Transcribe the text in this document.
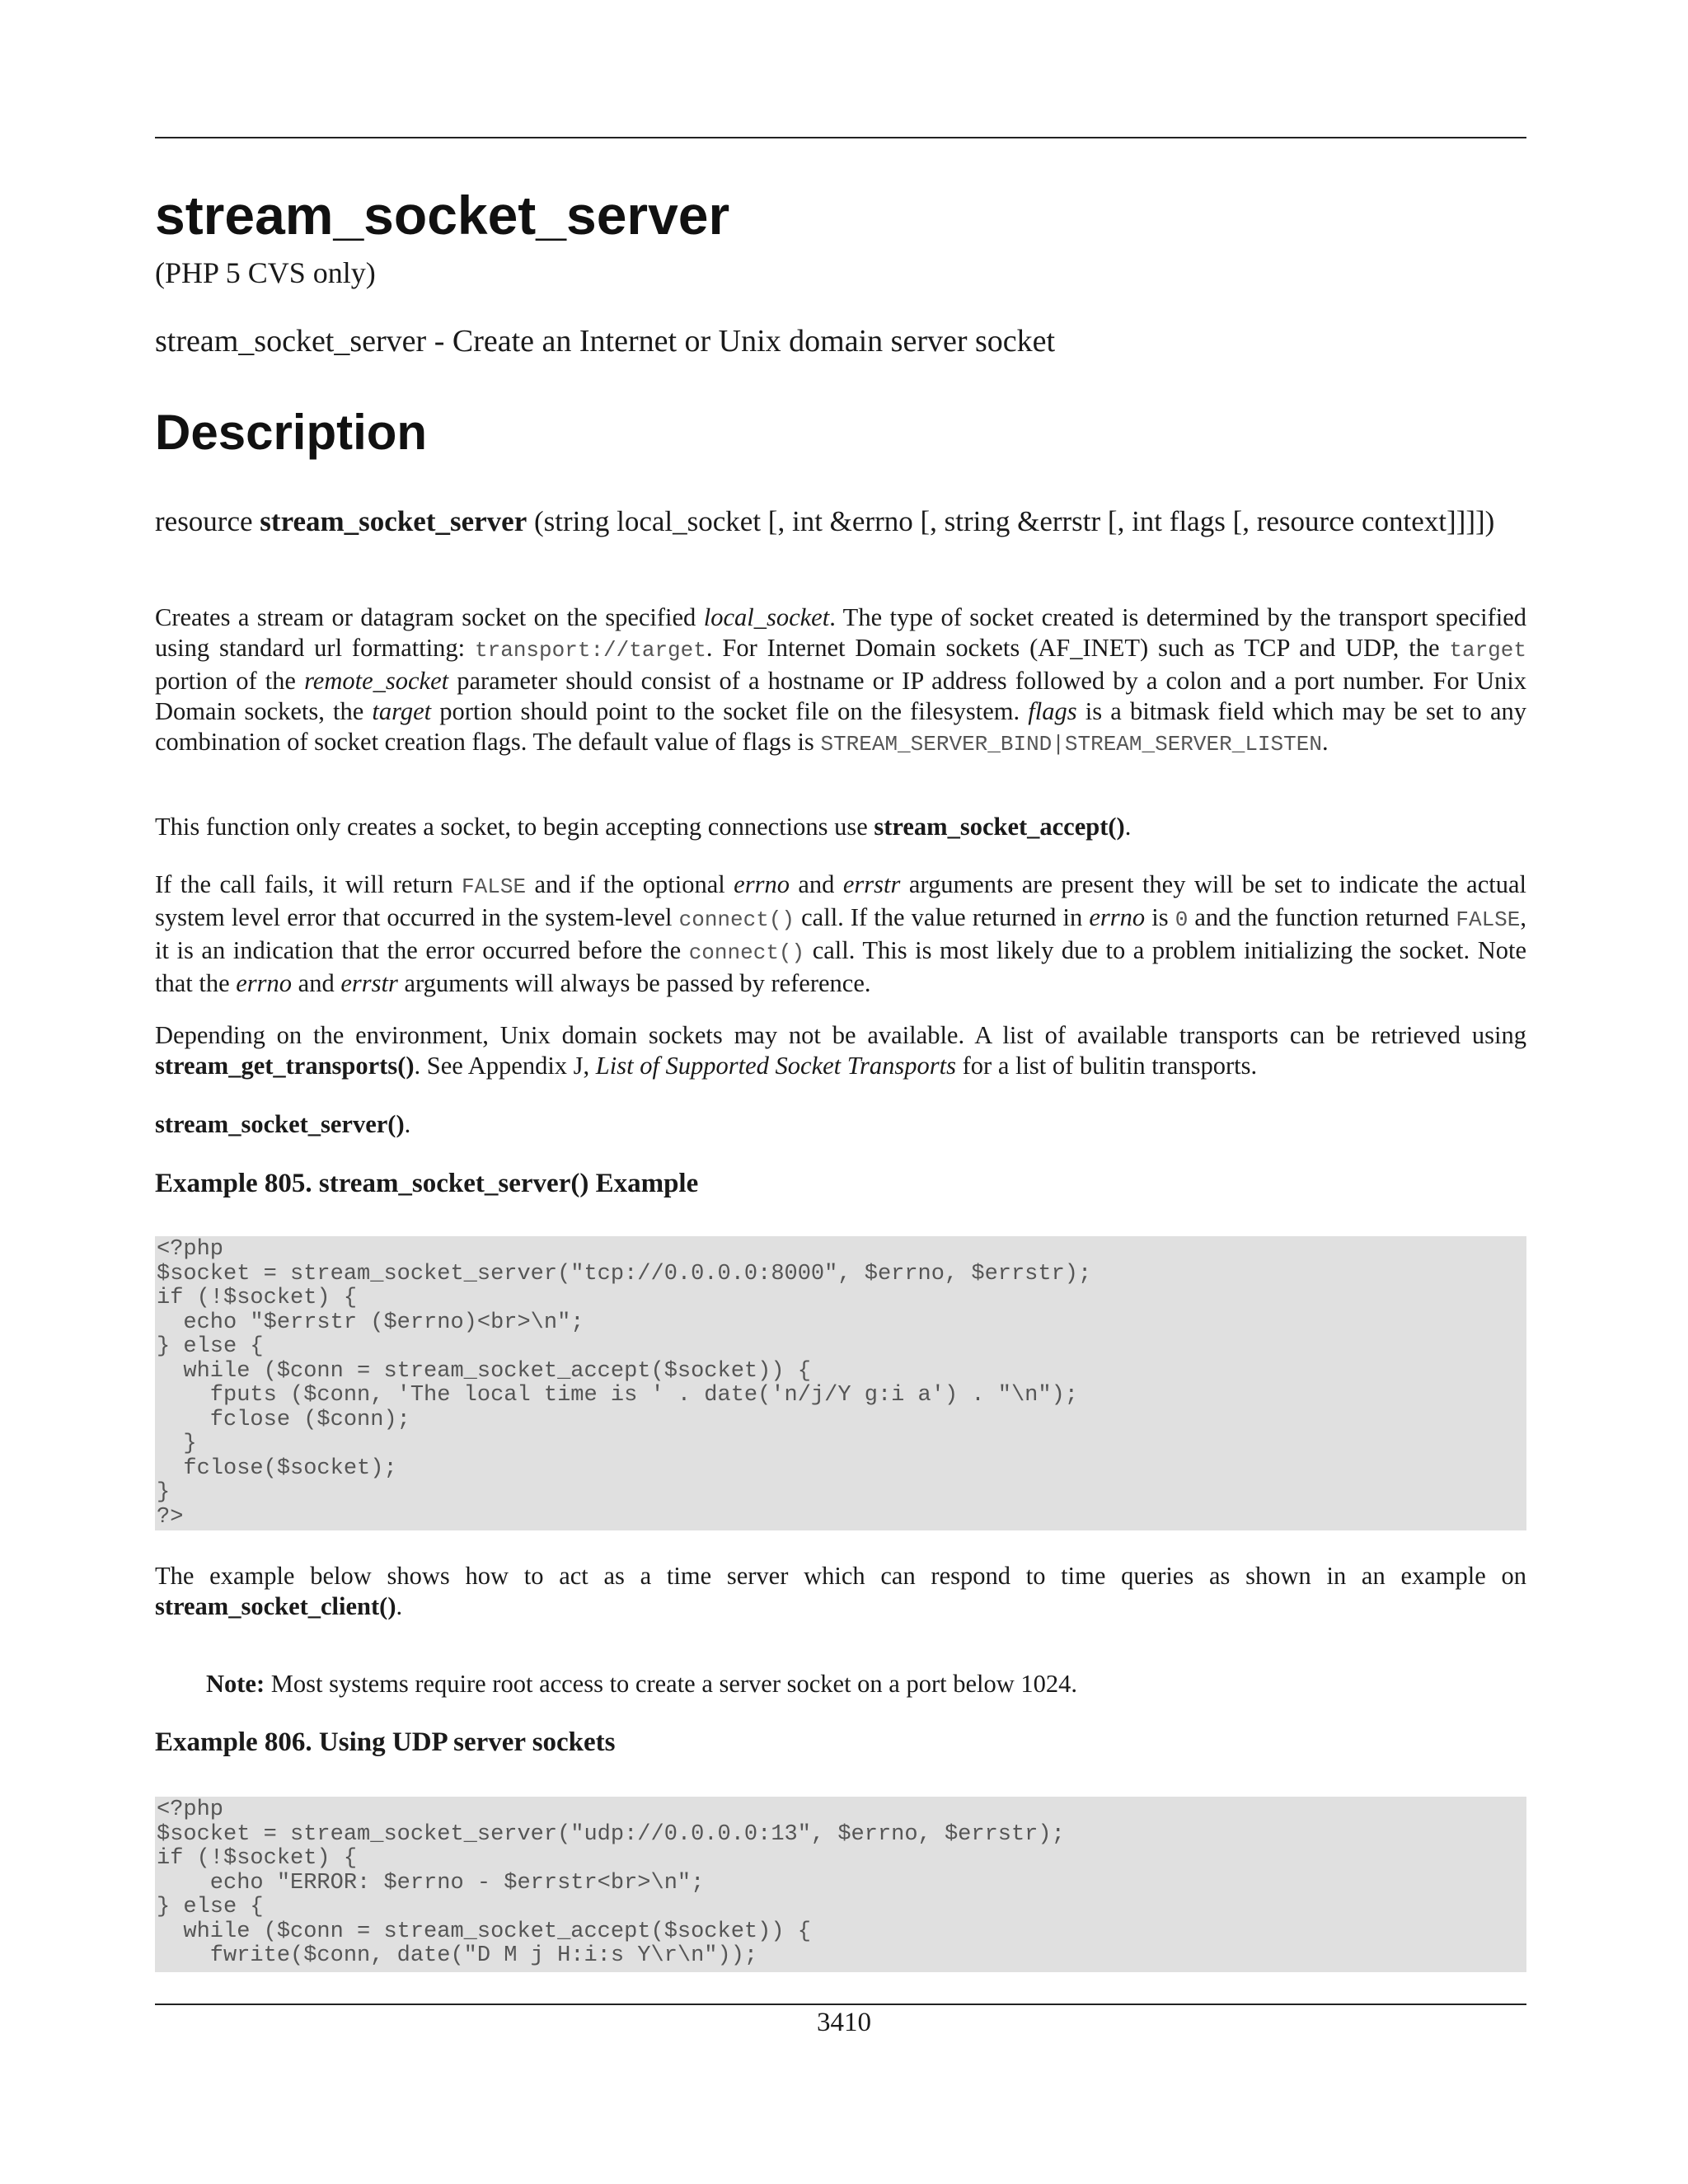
stream_socket_server
(PHP 5 CVS only)
stream_socket_server - Create an Internet or Unix domain server socket
Description
resource stream_socket_server (string local_socket [, int &errno [, string &errstr [, int flags [, resource context]]]])

Creates a stream or datagram socket on the specified local_socket. The type of socket created is determined by the transport specified using standard url formatting: transport://target. For Internet Domain sockets (AF_INET) such as TCP and UDP, the target portion of the remote_socket parameter should consist of a hostname or IP address followed by a colon and a port number. For Unix Domain sockets, the target portion should point to the socket file on the filesystem. flags is a bitmask field which may be set to any combination of socket creation flags. The default value of flags is STREAM_SERVER_BIND|STREAM_SERVER_LISTEN.

This function only creates a socket, to begin accepting connections use stream_socket_accept().

If the call fails, it will return FALSE and if the optional errno and errstr arguments are present they will be set to indicate the actual system level error that occurred in the system-level connect() call. If the value returned in errno is 0 and the function returned FALSE, it is an indication that the error occurred before the connect() call. This is most likely due to a problem initializing the socket. Note that the errno and errstr arguments will always be passed by reference.

Depending on the environment, Unix domain sockets may not be available. A list of available transports can be retrieved using stream_get_transports(). See Appendix J, List of Supported Socket Transports for a list of bulitin transports.

stream_socket_server().

Example 805. stream_socket_server() Example
<?php
$socket = stream_socket_server("tcp://0.0.0.0:8000", $errno, $errstr);
if (!$socket) {
echo "$errstr ($errno)<br>\n";
} else {
while ($conn = stream_socket_accept($socket)) {
fputs ($conn, 'The local time is ' . date('n/j/Y g:i a') . "\n");
fclose ($conn);
}
fclose($socket);
}
?>

The example below shows how to act as a time server which can respond to time queries as shown in an example on stream_socket_client().

Note: Most systems require root access to create a server socket on a port below 1024.
Example 806. Using UDP server sockets
<?php
$socket = stream_socket_server("udp://0.0.0.0:13", $errno, $errstr);
if (!$socket) {
echo "ERROR: $errno - $errstr<br>\n";
} else {
while ($conn = stream_socket_accept($socket)) {
fwrite($conn, date("D M j H:i:s Y\r\n"));
3410
